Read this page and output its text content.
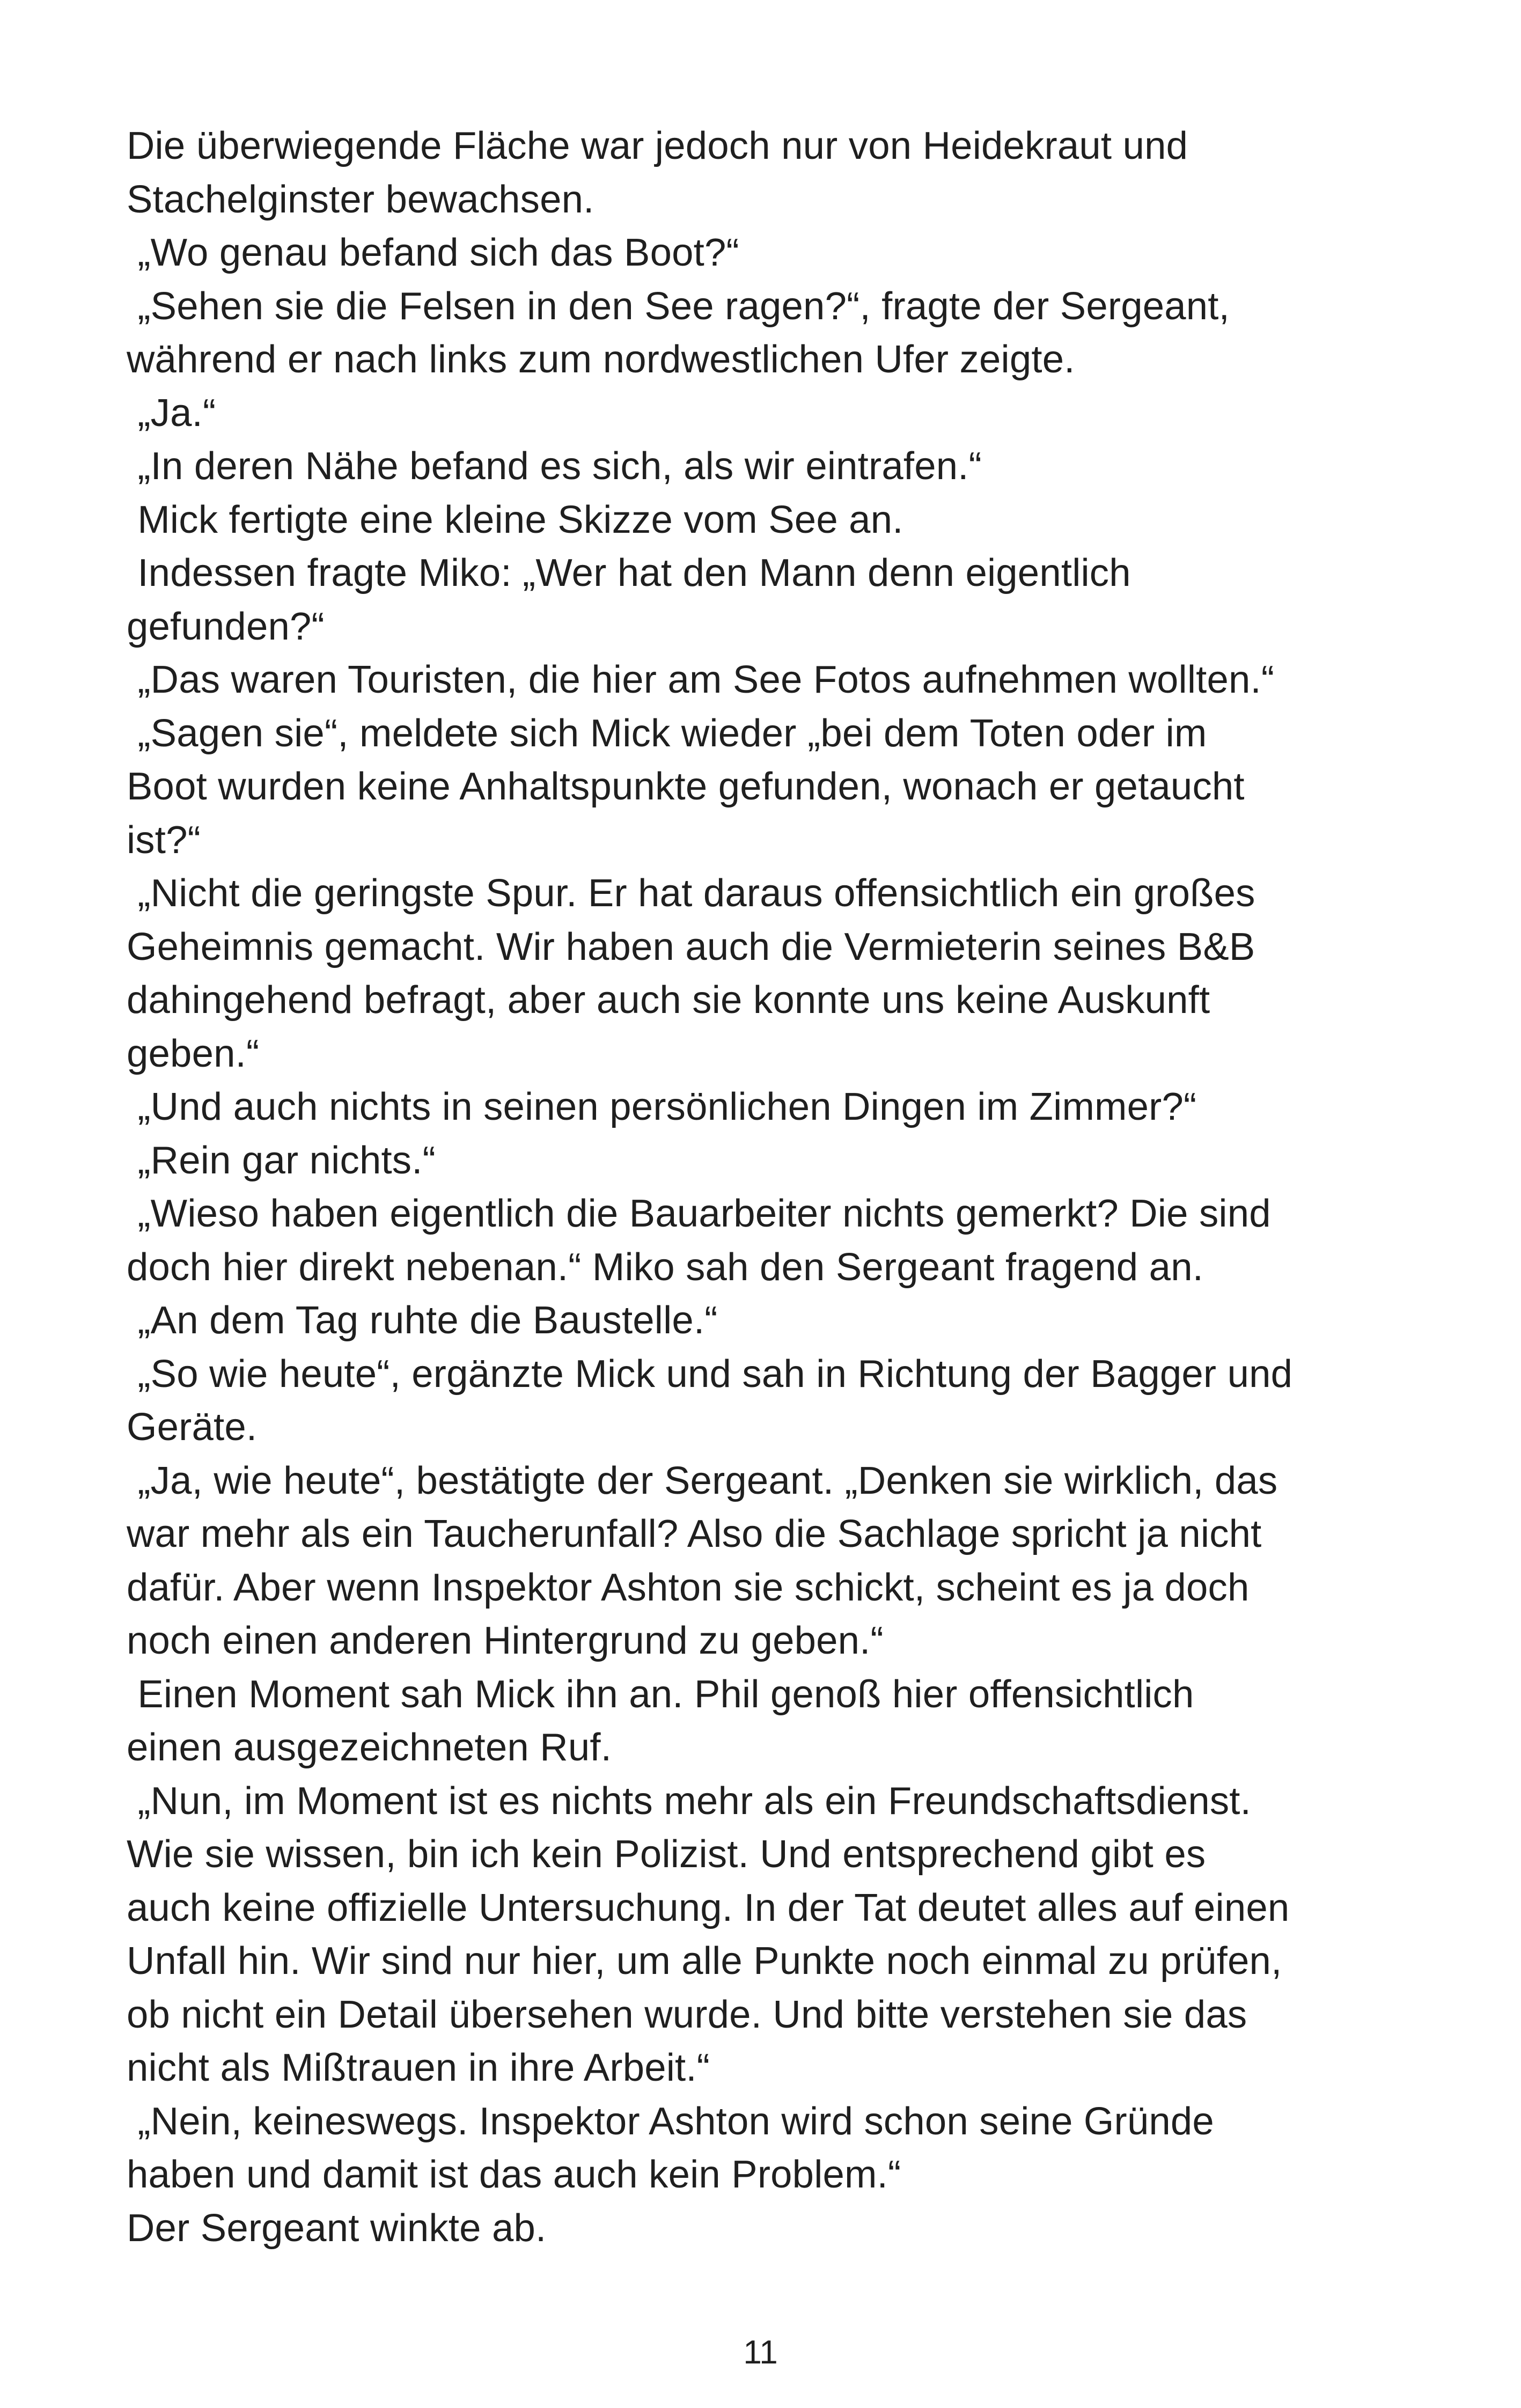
Die überwiegende Fläche war jedoch nur von Heidekraut und
Stachelginster bewachsen.
„Wo genau befand sich das Boot?“
„Sehen sie die Felsen in den See ragen?“, fragte der Sergeant,
während er nach links zum nordwestlichen Ufer zeigte.
„Ja.“
„In deren Nähe befand es sich, als wir eintrafen.“
Mick fertigte eine kleine Skizze vom See an.
Indessen fragte Miko: „Wer hat den Mann denn eigentlich
gefunden?“
„Das waren Touristen, die hier am See Fotos aufnehmen wollten.“
„Sagen sie“, meldete sich Mick wieder „bei dem Toten oder im
Boot wurden keine Anhaltspunkte gefunden, wonach er getaucht
ist?“
„Nicht die geringste Spur. Er hat daraus offensichtlich ein großes
Geheimnis gemacht. Wir haben auch die Vermieterin seines B&B
dahingehend befragt, aber auch sie konnte uns keine Auskunft
geben.“
„Und auch nichts in seinen persönlichen Dingen im Zimmer?“
„Rein gar nichts.“
„Wieso haben eigentlich die Bauarbeiter nichts gemerkt? Die sind
doch hier direkt nebenan.“ Miko sah den Sergeant fragend an.
„An dem Tag ruhte die Baustelle.“
„So wie heute“, ergänzte Mick und sah in Richtung der Bagger und
Geräte.
„Ja, wie heute“, bestätigte der Sergeant. „Denken sie wirklich, das
war mehr als ein Taucherunfall? Also die Sachlage spricht ja nicht
dafür. Aber wenn Inspektor Ashton sie schickt, scheint es ja doch
noch einen anderen Hintergrund zu geben.“
Einen Moment sah Mick ihn an. Phil genoß hier offensichtlich
einen ausgezeichneten Ruf.
„Nun, im Moment ist es nichts mehr als ein Freundschaftsdienst.
Wie sie wissen, bin ich kein Polizist. Und entsprechend gibt es
auch keine offizielle Untersuchung. In der Tat deutet alles auf einen
Unfall hin. Wir sind nur hier, um alle Punkte noch einmal zu prüfen,
ob nicht ein Detail übersehen wurde. Und bitte verstehen sie das
nicht als Mißtrauen in ihre Arbeit.“
„Nein, keineswegs. Inspektor Ashton wird schon seine Gründe
haben und damit ist das auch kein Problem.“
Der Sergeant winkte ab.
11
